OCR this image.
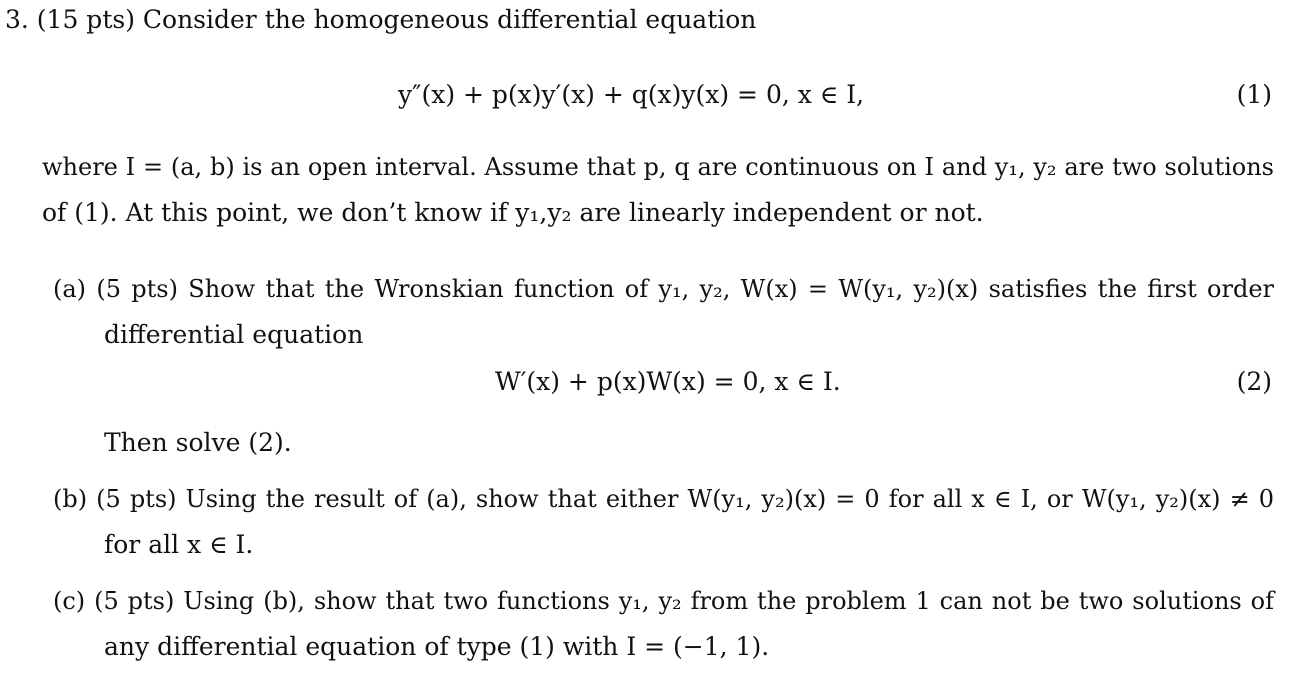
3. (15 pts) Consider the homogeneous differential equation
y″(x) + p(x)y′(x) + q(x)y(x) = 0, x ∈ I,	(1)
where I = (a, b) is an open interval. Assume that p, q are continuous on I and y₁, y₂ are two solutions
of (1). At this point, we don’t know if y₁,y₂ are linearly independent or not.
(a) (5 pts) Show that the Wronskian function of y₁, y₂, W(x) = W(y₁, y₂)(x) satisfies the first order
differential equation
W′(x) + p(x)W(x) = 0, x ∈ I.	(2)
Then solve (2).
(b) (5 pts) Using the result of (a), show that either W(y₁, y₂)(x) = 0 for all x ∈ I, or W(y₁, y₂)(x) ≠ 0
for all x ∈ I.
(c) (5 pts) Using (b), show that two functions y₁, y₂ from the problem 1 can not be two solutions of
any differential equation of type (1) with I = (−1, 1).
